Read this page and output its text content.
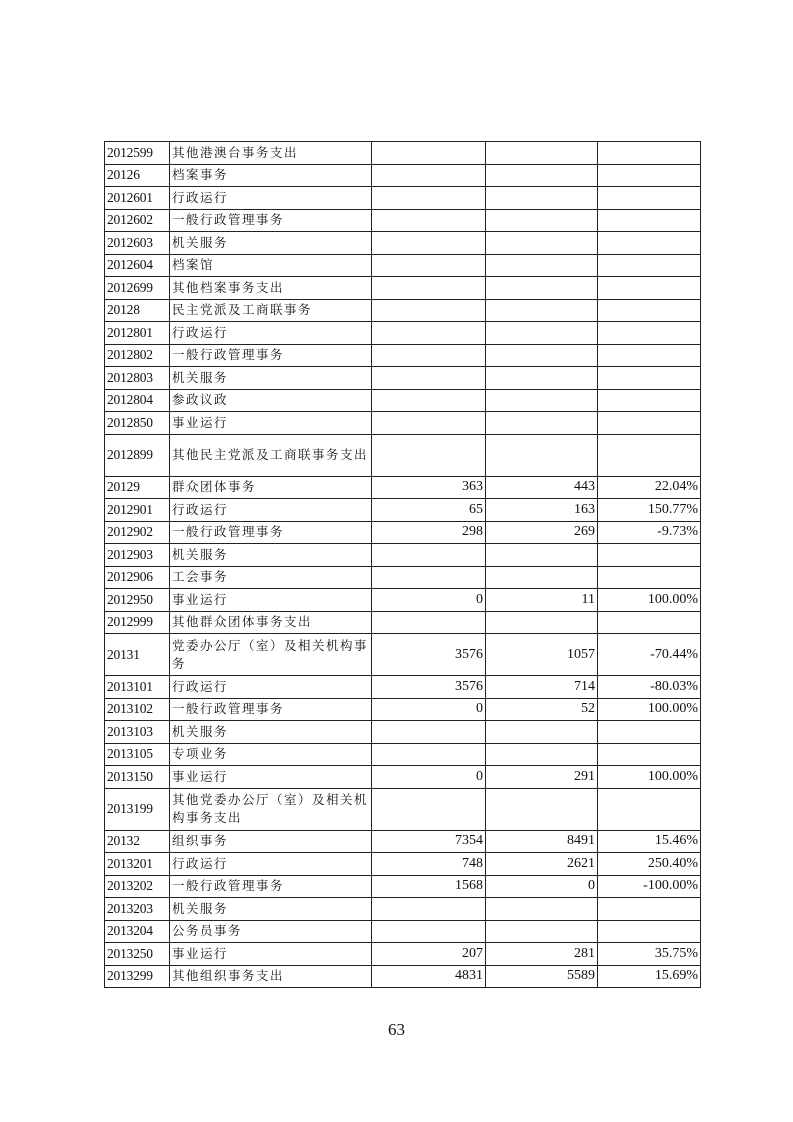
2012599	其他港澳台事务支出			
20126	档案事务			
2012601	行政运行			
2012602	一般行政管理事务			
2012603	机关服务			
2012604	档案馆			
2012699	其他档案事务支出			
20128	民主党派及工商联事务			
2012801	行政运行			
2012802	一般行政管理事务			
2012803	机关服务			
2012804	参政议政			
2012850	事业运行			
2012899	其他民主党派及工商联事务支出			
20129	群众团体事务	363	443	22.04%
2012901	行政运行	65	163	150.77%
2012902	一般行政管理事务	298	269	-9.73%
2012903	机关服务			
2012906	工会事务			
2012950	事业运行	0	11	100.00%
2012999	其他群众团体事务支出			
20131	党委办公厅（室）及相关机构事务	3576	1057	-70.44%
2013101	行政运行	3576	714	-80.03%
2013102	一般行政管理事务	0	52	100.00%
2013103	机关服务			
2013105	专项业务			
2013150	事业运行	0	291	100.00%
2013199	其他党委办公厅（室）及相关机构事务支出			
20132	组织事务	7354	8491	15.46%
2013201	行政运行	748	2621	250.40%
2013202	一般行政管理事务	1568	0	-100.00%
2013203	机关服务			
2013204	公务员事务			
2013250	事业运行	207	281	35.75%
2013299	其他组织事务支出	4831	5589	15.69%
63
